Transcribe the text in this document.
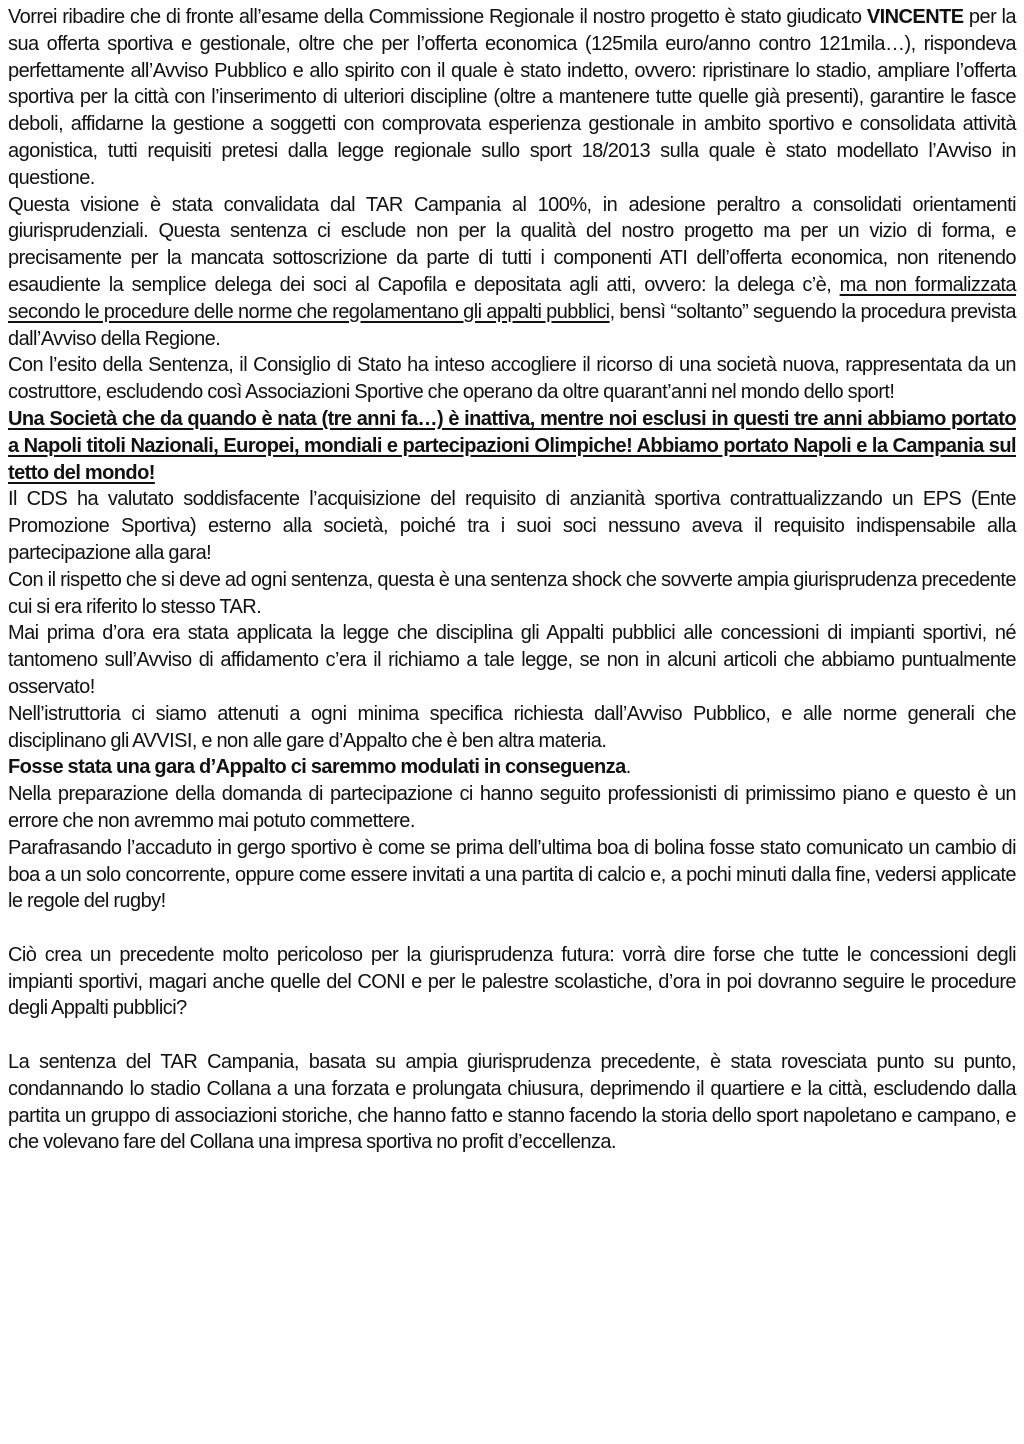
Vorrei ribadire che di fronte all’esame della Commissione Regionale il nostro progetto è stato giudicato VINCENTE per la sua offerta sportiva e gestionale, oltre che per l’offerta economica (125mila euro/anno contro 121mila…), rispondeva perfettamente all’Avviso Pubblico e allo spirito con il quale è stato indetto, ovvero: ripristinare lo stadio, ampliare l’offerta sportiva per la città con l’inserimento di ulteriori discipline (oltre a mantenere tutte quelle già presenti), garantire le fasce deboli, affidarne la gestione a soggetti con comprovata esperienza gestionale in ambito sportivo e consolidata attività agonistica, tutti requisiti pretesi dalla legge regionale sullo sport 18/2013 sulla quale è stato modellato l’Avviso in questione.

Questa visione è stata convalidata dal TAR Campania al 100%, in adesione peraltro a consolidati orientamenti giurisprudenziali. Questa sentenza ci esclude non per la qualità del nostro progetto ma per un vizio di forma, e precisamente per la mancata sottoscrizione da parte di tutti i componenti ATI dell’offerta economica, non ritenendo esaudiente la semplice delega dei soci al Capofila e depositata agli atti, ovvero: la delega c’è, ma non formalizzata secondo le procedure delle norme che regolamentano gli appalti pubblici, bensì “soltanto” seguendo la procedura prevista dall’Avviso della Regione.

Con l’esito della Sentenza, il Consiglio di Stato ha inteso accogliere il ricorso di una società nuova, rappresentata da un costruttore, escludendo così Associazioni Sportive che operano da oltre quarant’anni nel mondo dello sport!

Una Società che da quando è nata (tre anni fa…) è inattiva, mentre noi esclusi in questi tre anni abbiamo portato a Napoli titoli Nazionali, Europei, mondiali e partecipazioni Olimpiche! Abbiamo portato Napoli e la Campania sul tetto del mondo!

Il CDS ha valutato soddisfacente l’acquisizione del requisito di anzianità sportiva contrattualizzando un EPS (Ente Promozione Sportiva) esterno alla società, poiché tra i suoi soci nessuno aveva il requisito indispensabile alla partecipazione alla gara!

Con il rispetto che si deve ad ogni sentenza, questa è una sentenza shock che sovverte ampia giurisprudenza precedente cui si era riferito lo stesso TAR.

Mai prima d’ora era stata applicata la legge che disciplina gli Appalti pubblici alle concessioni di impianti sportivi, né tantomeno sull’Avviso di affidamento c’era il richiamo a tale legge, se non in alcuni articoli che abbiamo puntualmente osservato!

Nell’istruttoria ci siamo attenuti a ogni minima specifica richiesta dall’Avviso Pubblico, e alle norme generali che disciplinano gli AVVISI, e non alle gare d’Appalto che è ben altra materia.

Fosse stata una gara d’Appalto ci saremmo modulati in conseguenza.

Nella preparazione della domanda di partecipazione ci hanno seguito professionisti di primissimo piano e questo è un errore che non avremmo mai potuto commettere.

Parafrasando l’accaduto in gergo sportivo è come se prima dell’ultima boa di bolina fosse stato comunicato un cambio di boa a un solo concorrente, oppure come essere invitati a una partita di calcio e, a pochi minuti dalla fine, vedersi applicate le regole del rugby!

Ciò crea un precedente molto pericoloso per la giurisprudenza futura: vorrà dire forse che tutte le concessioni degli impianti sportivi, magari anche quelle del CONI e per le palestre scolastiche, d’ora in poi dovranno seguire le procedure degli Appalti pubblici?

La sentenza del TAR Campania, basata su ampia giurisprudenza precedente, è stata rovesciata punto su punto, condannando lo stadio Collana a una forzata e prolungata chiusura, deprimendo il quartiere e la città, escludendo dalla partita un gruppo di associazioni storiche, che hanno fatto e stanno facendo la storia dello sport napoletano e campano, e che volevano fare del Collana una impresa sportiva no profit d’eccellenza.
